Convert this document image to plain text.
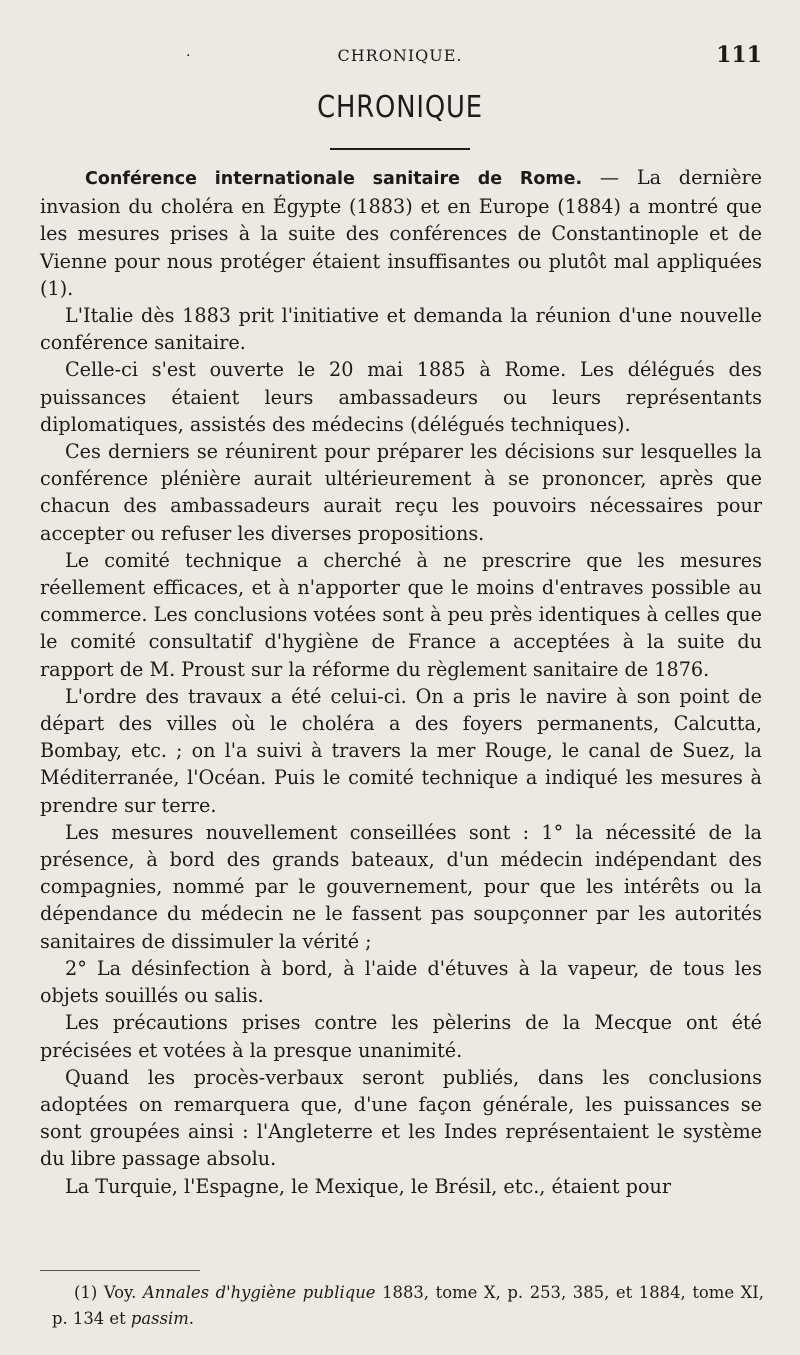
·	CHRONIQUE.	111
CHRONIQUE

Conférence internationale sanitaire de Rome. — La dernière invasion du choléra en Égypte (1883) et en Europe (1884) a montré que les mesures prises à la suite des conférences de Constantinople et de Vienne pour nous protéger étaient insuffisantes ou plutôt mal appliquées (1).

L'Italie dès 1883 prit l'initiative et demanda la réunion d'une nouvelle conférence sanitaire.

Celle-ci s'est ouverte le 20 mai 1885 à Rome. Les délégués des puissances étaient leurs ambassadeurs ou leurs représentants diplomatiques, assistés des médecins (délégués techniques).

Ces derniers se réunirent pour préparer les décisions sur lesquelles la conférence plénière aurait ultérieurement à se prononcer, après que chacun des ambassadeurs aurait reçu les pouvoirs nécessaires pour accepter ou refuser les diverses propositions.

Le comité technique a cherché à ne prescrire que les mesures réellement efficaces, et à n'apporter que le moins d'entraves possible au commerce. Les conclusions votées sont à peu près identiques à celles que le comité consultatif d'hygiène de France a acceptées à la suite du rapport de M. Proust sur la réforme du règlement sanitaire de 1876.

L'ordre des travaux a été celui-ci. On a pris le navire à son point de départ des villes où le choléra a des foyers permanents, Calcutta, Bombay, etc. ; on l'a suivi à travers la mer Rouge, le canal de Suez, la Méditerranée, l'Océan. Puis le comité technique a indiqué les mesures à prendre sur terre.

Les mesures nouvellement conseillées sont : 1° la nécessité de la présence, à bord des grands bateaux, d'un médecin indépendant des compagnies, nommé par le gouvernement, pour que les intérêts ou la dépendance du médecin ne le fassent pas soupçonner par les autorités sanitaires de dissimuler la vérité ;

2° La désinfection à bord, à l'aide d'étuves à la vapeur, de tous les objets souillés ou salis.

Les précautions prises contre les pèlerins de la Mecque ont été précisées et votées à la presque unanimité.

Quand les procès-verbaux seront publiés, dans les conclusions adoptées on remarquera que, d'une façon générale, les puissances se sont groupées ainsi : l'Angleterre et les Indes représentaient le système du libre passage absolu.

La Turquie, l'Espagne, le Mexique, le Brésil, etc., étaient pour

(1) Voy. Annales d'hygiène publique 1883, tome X, p. 253, 385, et 1884, tome XI, p. 134 et passim.
